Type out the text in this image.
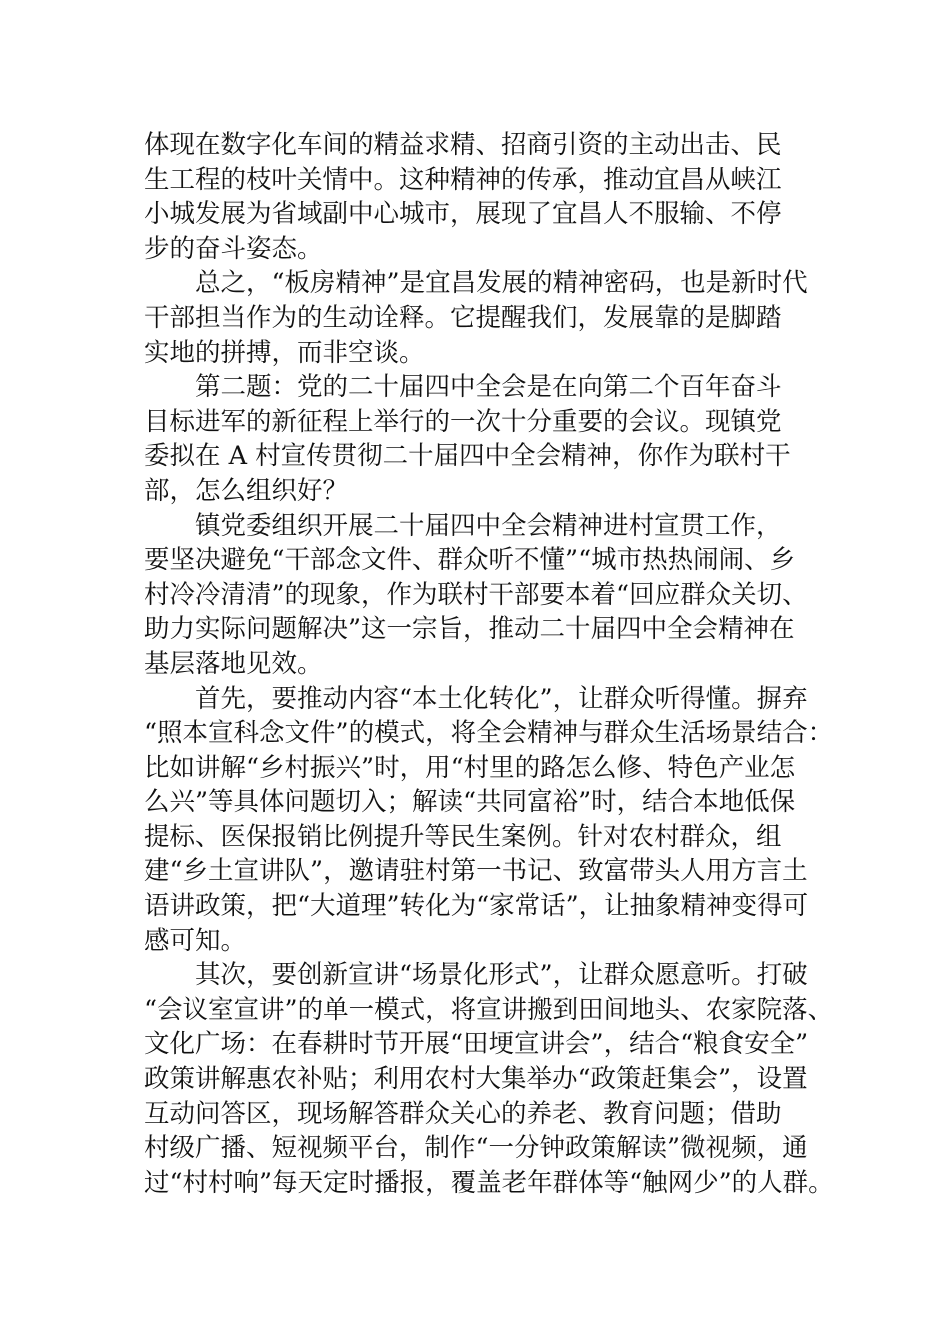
体现在数字化车间的精益求精、招商引资的主动出击、民
生工程的枝叶关情中。这种精神的传承，推动宜昌从峡江
小城发展为省域副中心城市，展现了宜昌人不服输、不停
步的奋斗姿态。

总之，“板房精神”是宜昌发展的精神密码，也是新时代
干部担当作为的生动诠释。它提醒我们，发展靠的是脚踏
实地的拼搏，而非空谈。

第二题：党的二十届四中全会是在向第二个百年奋斗
目标进军的新征程上举行的一次十分重要的会议。现镇党
委拟在 A 村宣传贯彻二十届四中全会精神，你作为联村干
部，怎么组织好？

镇党委组织开展二十届四中全会精神进村宣贯工作，
要坚决避免“干部念文件、群众听不懂”“城市热热闹闹、乡
村冷冷清清”的现象，作为联村干部要本着“回应群众关切、
助力实际问题解决”这一宗旨，推动二十届四中全会精神在
基层落地见效。

首先，要推动内容“本土化转化”，让群众听得懂。摒弃
“照本宣科念文件”的模式，将全会精神与群众生活场景结合：
比如讲解“乡村振兴”时，用“村里的路怎么修、特色产业怎
么兴”等具体问题切入；解读“共同富裕”时，结合本地低保
提标、医保报销比例提升等民生案例。针对农村群众，组
建“乡土宣讲队”，邀请驻村第一书记、致富带头人用方言土
语讲政策，把“大道理”转化为“家常话”，让抽象精神变得可
感可知。

其次，要创新宣讲“场景化形式”，让群众愿意听。打破
“会议室宣讲”的单一模式，将宣讲搬到田间地头、农家院落、
文化广场：在春耕时节开展“田埂宣讲会”，结合“粮食安全”
政策讲解惠农补贴；利用农村大集举办“政策赶集会”，设置
互动问答区，现场解答群众关心的养老、教育问题；借助
村级广播、短视频平台，制作“一分钟政策解读”微视频，通
过“村村响”每天定时播报，覆盖老年群体等“触网少”的人群。
